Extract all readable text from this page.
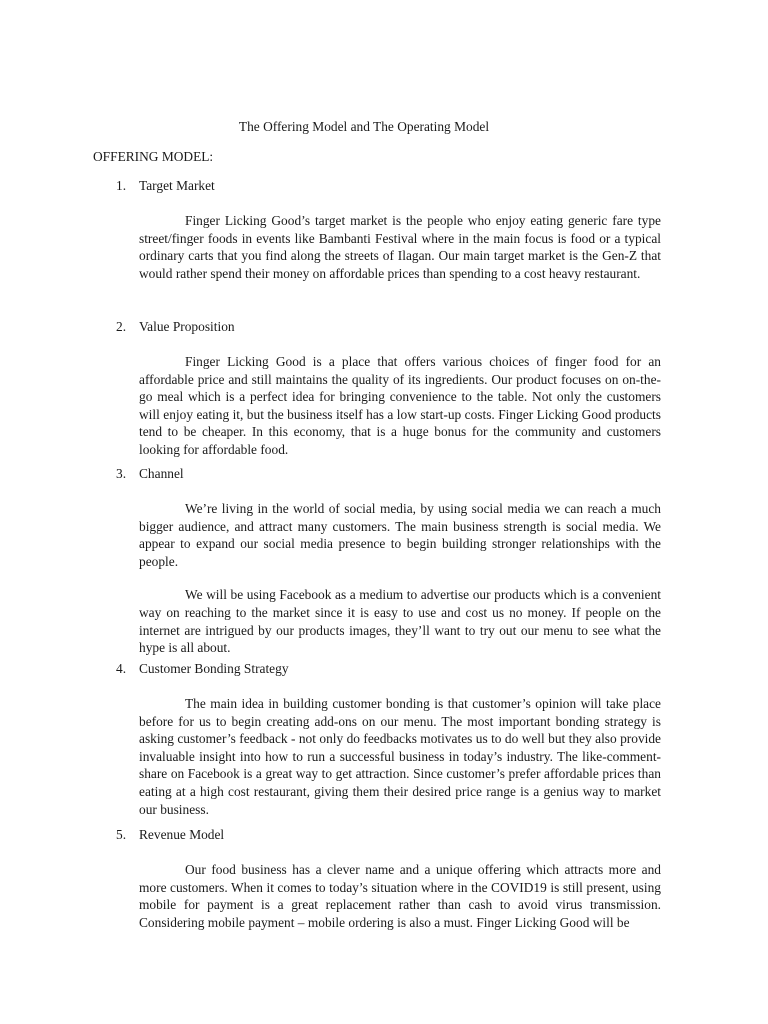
The Offering Model and The Operating Model
OFFERING MODEL:
1. Target Market

Finger Licking Good’s target market is the people who enjoy eating generic fare type street/finger foods in events like Bambanti Festival where in the main focus is food or a typical ordinary carts that you find along the streets of Ilagan. Our main target market is the Gen-Z that would rather spend their money on affordable prices than spending to a cost heavy restaurant.

2. Value Proposition

Finger Licking Good is a place that offers various choices of finger food for an affordable price and still maintains the quality of its ingredients. Our product focuses on on-the-go meal which is a perfect idea for bringing convenience to the table. Not only the customers will enjoy eating it, but the business itself has a low start-up costs. Finger Licking Good products tend to be cheaper. In this economy, that is a huge bonus for the community and customers looking for affordable food.

3. Channel

We’re living in the world of social media, by using social media we can reach a much bigger audience, and attract many customers. The main business strength is social media. We appear to expand our social media presence to begin building stronger relationships with the people.

We will be using Facebook as a medium to advertise our products which is a convenient way on reaching to the market since it is easy to use and cost us no money. If people on the internet are intrigued by our products images, they’ll want to try out our menu to see what the hype is all about.

4. Customer Bonding Strategy

The main idea in building customer bonding is that customer’s opinion will take place before for us to begin creating add-ons on our menu. The most important bonding strategy is asking customer’s feedback - not only do feedbacks motivates us to do well but they also provide invaluable insight into how to run a successful business in today’s industry. The like-comment-share on Facebook is a great way to get attraction. Since customer’s prefer affordable prices than eating at a high cost restaurant, giving them their desired price range is a genius way to market our business.

5. Revenue Model

Our food business has a clever name and a unique offering which attracts more and more customers. When it comes to today’s situation where in the COVID19 is still present, using mobile for payment is a great replacement rather than cash to avoid virus transmission. Considering mobile payment – mobile ordering is also a must. Finger Licking Good will be
